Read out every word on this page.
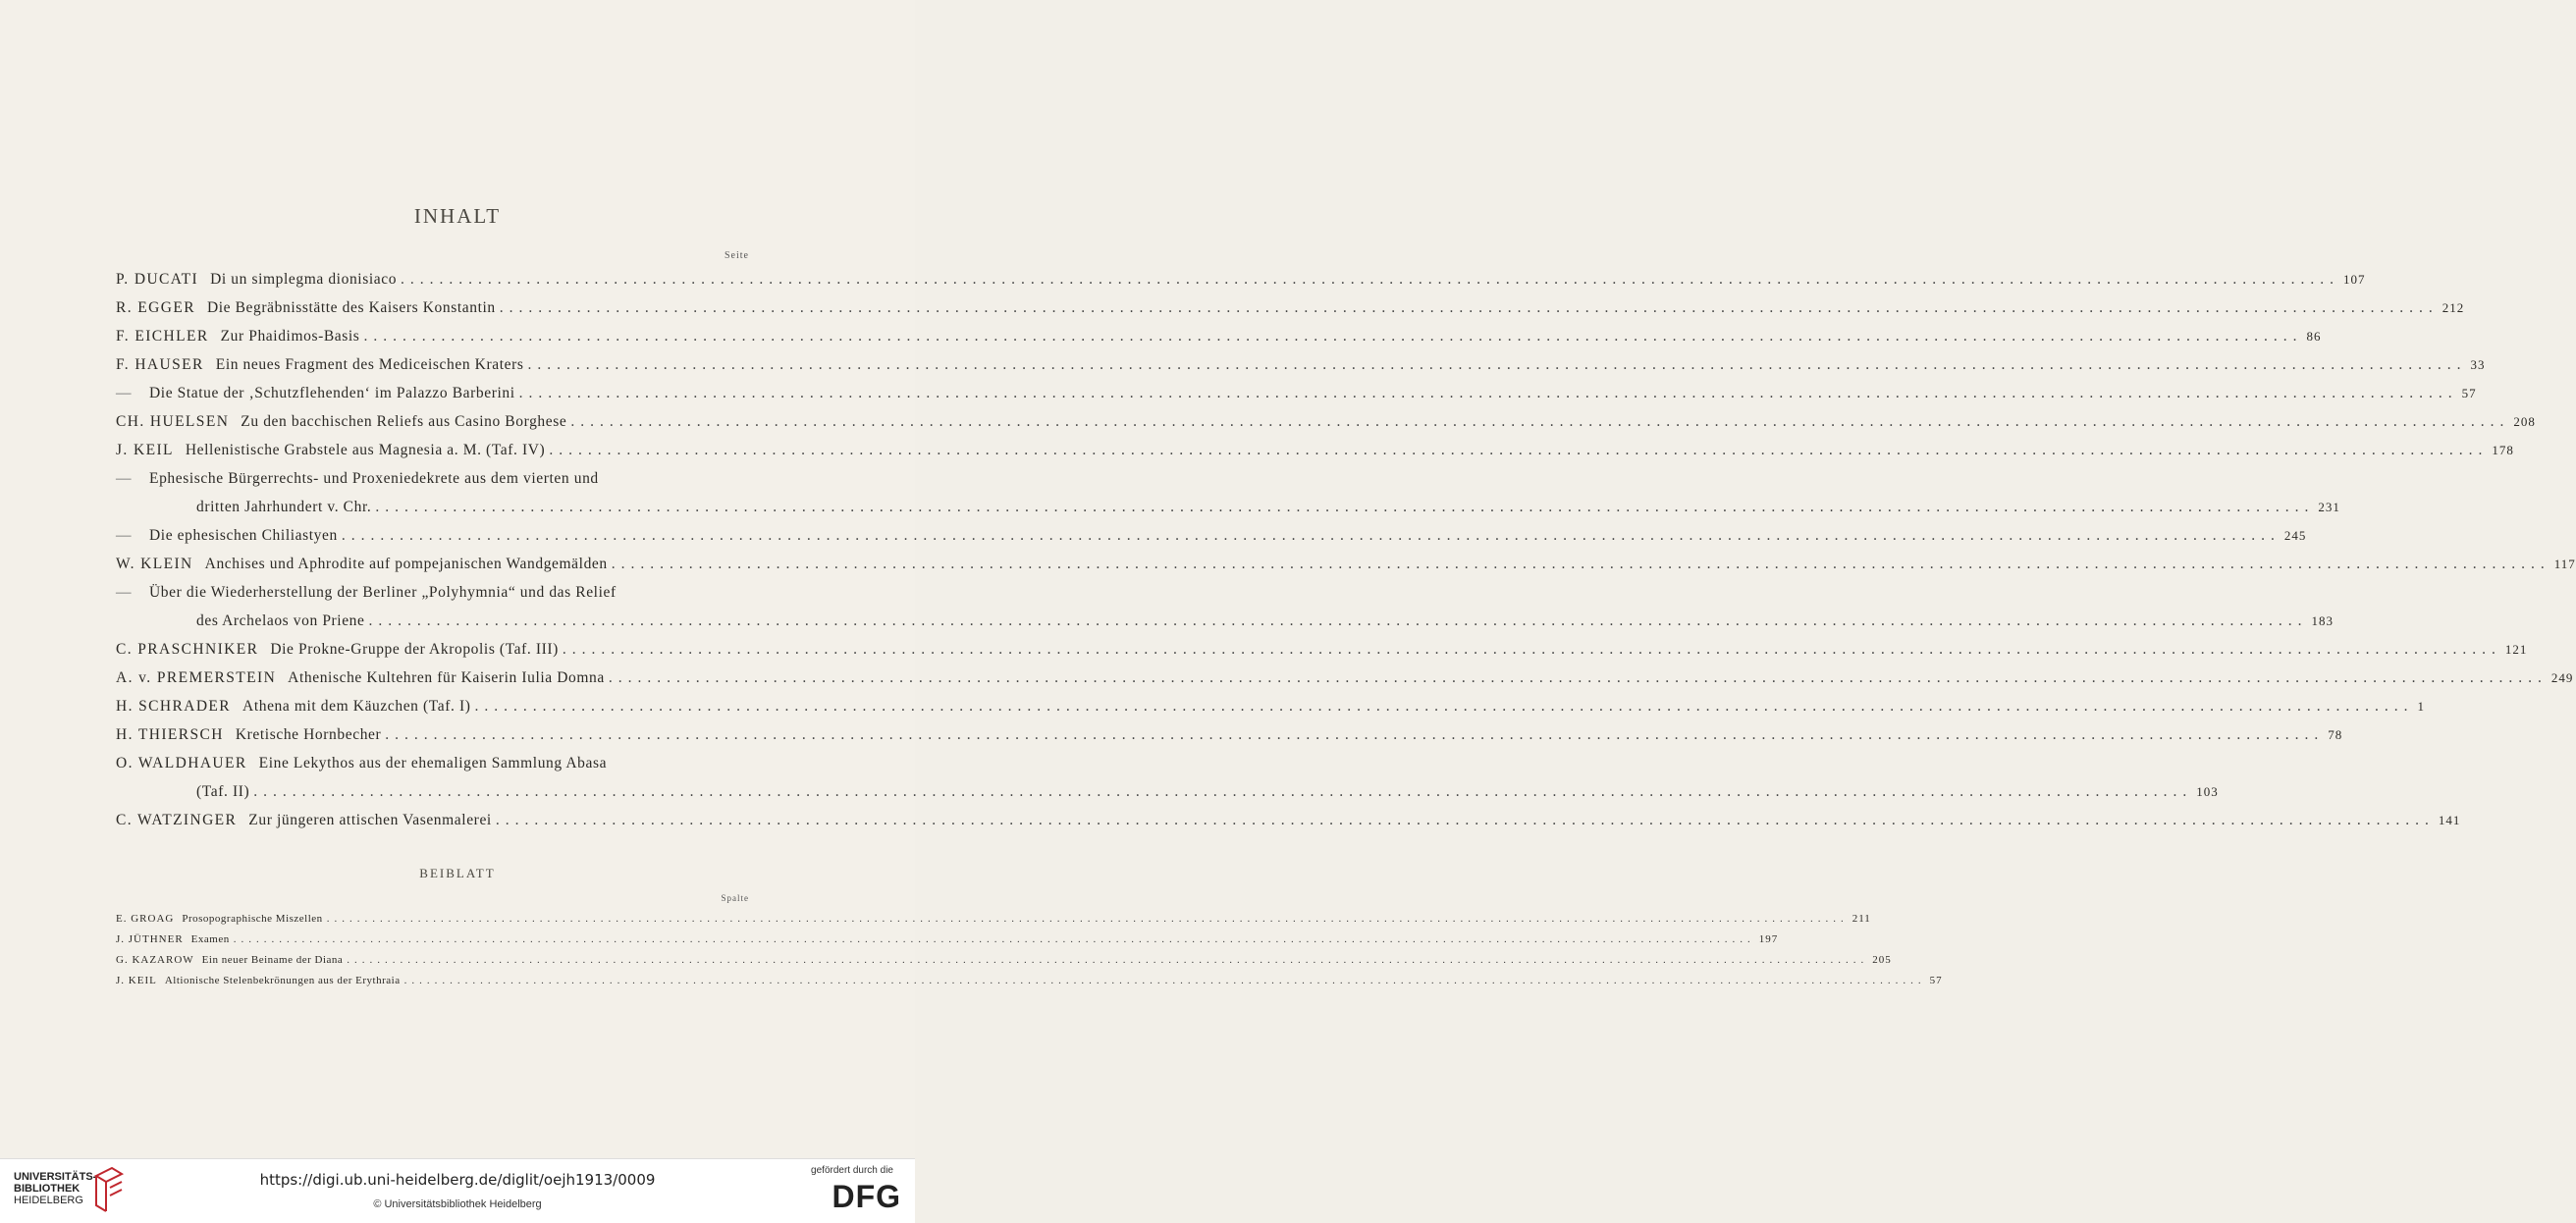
INHALT
Seite
P. DUCATI Di un simplegma dionisiaco ........................................................................................................................................................................................................ 107
R. EGGER Die Begräbnisstätte des Kaisers Konstantin ........................................................................................................................................................................................................ 212
F. EICHLER Zur Phaidimos-Basis ........................................................................................................................................................................................................ 86
F. HAUSER Ein neues Fragment des Mediceischen Kraters ........................................................................................................................................................................................................ 33
— Die Statue der ‚Schutzflehenden‘ im Palazzo Barberini ........................................................................................................................................................................................................ 57
CH. HUELSEN Zu den bacchischen Reliefs aus Casino Borghese ........................................................................................................................................................................................................ 208
J. KEIL Hellenistische Grabstele aus Magnesia a. M. (Taf. IV) ........................................................................................................................................................................................................ 178
— Ephesische Bürgerrechts- und Proxeniedekrete aus dem vierten und
dritten Jahrhundert v. Chr. ........................................................................................................................................................................................................ 231
— Die ephesischen Chiliastyen ........................................................................................................................................................................................................ 245
W. KLEIN Anchises und Aphrodite auf pompejanischen Wandgemälden ........................................................................................................................................................................................................ 117
— Über die Wiederherstellung der Berliner „Polyhymnia“ und das Relief
des Archelaos von Priene ........................................................................................................................................................................................................ 183
C. PRASCHNIKER Die Prokne-Gruppe der Akropolis (Taf. III) ........................................................................................................................................................................................................ 121
A. v. PREMERSTEIN Athenische Kultehren für Kaiserin Iulia Domna ........................................................................................................................................................................................................ 249
H. SCHRADER Athena mit dem Käuzchen (Taf. I) ........................................................................................................................................................................................................ 1
H. THIERSCH Kretische Hornbecher ........................................................................................................................................................................................................ 78
O. WALDHAUER Eine Lekythos aus der ehemaligen Sammlung Abasa
(Taf. II) ........................................................................................................................................................................................................ 103
C. WATZINGER Zur jüngeren attischen Vasenmalerei ........................................................................................................................................................................................................ 141
BEIBLATT
Spalte
E. GROAG Prosopographische Miszellen ........................................................................................................................................................................................................ 211
J. JÜTHNER Examen ........................................................................................................................................................................................................ 197
G. KAZAROW Ein neuer Beiname der Diana ........................................................................................................................................................................................................ 205
J. KEIL Altionische Stelenbekrönungen aus der Erythraia ........................................................................................................................................................................................................ 57
UNIVERSITÄTS-
BIBLIOTHEK
HEIDELBERG
https://digi.ub.uni-heidelberg.de/diglit/oejh1913/0009
© Universitätsbibliothek Heidelberg
gefördert durch die
DFG
